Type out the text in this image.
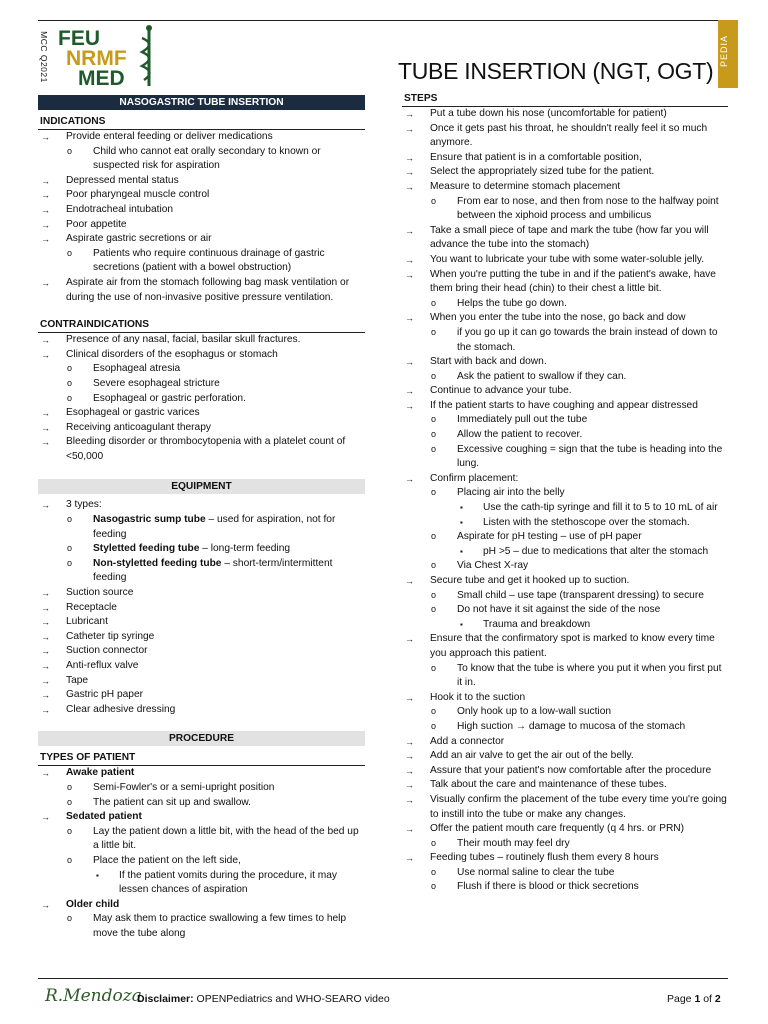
MCC Q2021 FEU
NRMF
MED	TUBE INSERTION (NGT, OGT)
PEDIA
NASOGASTRIC TUBE INSERTION
INDICATIONS
→ Provide enteral feeding or deliver medications
o Child who cannot eat orally secondary to known or suspected risk for aspiration
→ Depressed mental status
→ Poor pharyngeal muscle control
→ Endotracheal intubation
→ Poor appetite
→ Aspirate gastric secretions or air
o Patients who require continuous drainage of gastric secretions (patient with a bowel obstruction)
→ Aspirate air from the stomach following bag mask ventilation or during the use of non-invasive positive pressure ventilation.
CONTRAINDICATIONS
→ Presence of any nasal, facial, basilar skull fractures.
→ Clinical disorders of the esophagus or stomach
o Esophageal atresia
o Severe esophageal stricture
o Esophageal or gastric perforation.
→ Esophageal or gastric varices
→ Receiving anticoagulant therapy
→ Bleeding disorder or thrombocytopenia with a platelet count of <50,000
EQUIPMENT
→ 3 types:
o Nasogastric sump tube – used for aspiration, not for feeding
o Styletted feeding tube – long-term feeding
o Non-styletted feeding tube – short-term/intermittent feeding
→ Suction source
→ Receptacle
→ Lubricant
→ Catheter tip syringe
→ Suction connector
→ Anti-reflux valve
→ Tape
→ Gastric pH paper
→ Clear adhesive dressing
PROCEDURE
TYPES OF PATIENT
→ Awake patient
o Semi-Fowler's or a semi-upright position
o The patient can sit up and swallow.
→ Sedated patient
o Lay the patient down a little bit, with the head of the bed up a little bit.
o Place the patient on the left side,
▪ If the patient vomits during the procedure, it may lessen chances of aspiration
→ Older child
o May ask them to practice swallowing a few times to help move the tube along
STEPS
→ Put a tube down his nose (uncomfortable for patient)
→ Once it gets past his throat, he shouldn't really feel it so much anymore.
→ Ensure that patient is in a comfortable position,
→ Select the appropriately sized tube for the patient.
→ Measure to determine stomach placement
o From ear to nose, and then from nose to the halfway point between the xiphoid process and umbilicus
→ Take a small piece of tape and mark the tube (how far you will advance the tube into the stomach)
→ You want to lubricate your tube with some water-soluble jelly.
→ When you're putting the tube in and if the patient's awake, have them bring their head (chin) to their chest a little bit.
o Helps the tube go down.
→ When you enter the tube into the nose, go back and dow
o if you go up it can go towards the brain instead of down to the stomach.
→ Start with back and down.
o Ask the patient to swallow if they can.
→ Continue to advance your tube.
→ If the patient starts to have coughing and appear distressed
o Immediately pull out the tube
o Allow the patient to recover.
o Excessive coughing = sign that the tube is heading into the lung.
→ Confirm placement:
o Placing air into the belly
▪ Use the cath-tip syringe and fill it to 5 to 10 mL of air
▪ Listen with the stethoscope over the stomach.
o Aspirate for pH testing – use of pH paper
▪ pH >5 – due to medications that alter the stomach
o Via Chest X-ray
→ Secure tube and get it hooked up to suction.
o Small child – use tape (transparent dressing) to secure
o Do not have it sit against the side of the nose
▪ Trauma and breakdown
→ Ensure that the confirmatory spot is marked to know every time you approach this patient.
o To know that the tube is where you put it when you first put it in.
→ Hook it to the suction
o Only hook up to a low-wall suction
o High suction → damage to mucosa of the stomach
→ Add a connector
→ Add an air valve to get the air out of the belly.
→ Assure that your patient's now comfortable after the procedure
→ Talk about the care and maintenance of these tubes.
→ Visually confirm the placement of the tube every time you're going to instill into the tube or make any changes.
→ Offer the patient mouth care frequently (q 4 hrs. or PRN)
o Their mouth may feel dry
→ Feeding tubes – routinely flush them every 8 hours
o Use normal saline to clear the tube
o Flush if there is blood or thick secretions
R.Mendoza
Disclaimer: OPENPediatrics and WHO-SEARO video	Page 1 of 2
